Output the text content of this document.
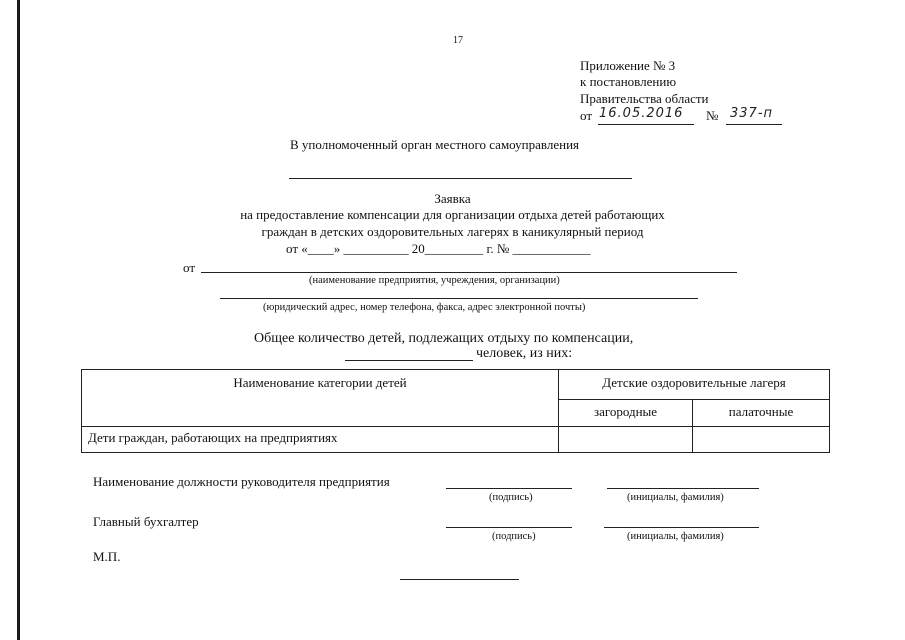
17
Приложение № 3
к постановлению
Правительства области
от 16.05.2016 № 337-п
В уполномоченный орган местного самоуправления
Заявка
на предоставление компенсации для организации отдыха детей работающих
граждан в детских оздоровительных лагерях в каникулярный период
от «____» __________ 20_________ г. № ____________
от
(наименование предприятия, учреждения, организации)
(юридический адрес, номер телефона, факса, адрес электронной почты)
Общее количество детей, подлежащих отдыху по компенсации,
человек, из них:
Наименование категории детей	Детские оздоровительные лагеря	
	загородные	палаточные
Дети граждан, работающих на предприятиях		
Наименование должности руководителя предприятия
(подпись)	(инициалы, фамилия)
Главный бухгалтер
(подпись)	(инициалы, фамилия)
М.П.
